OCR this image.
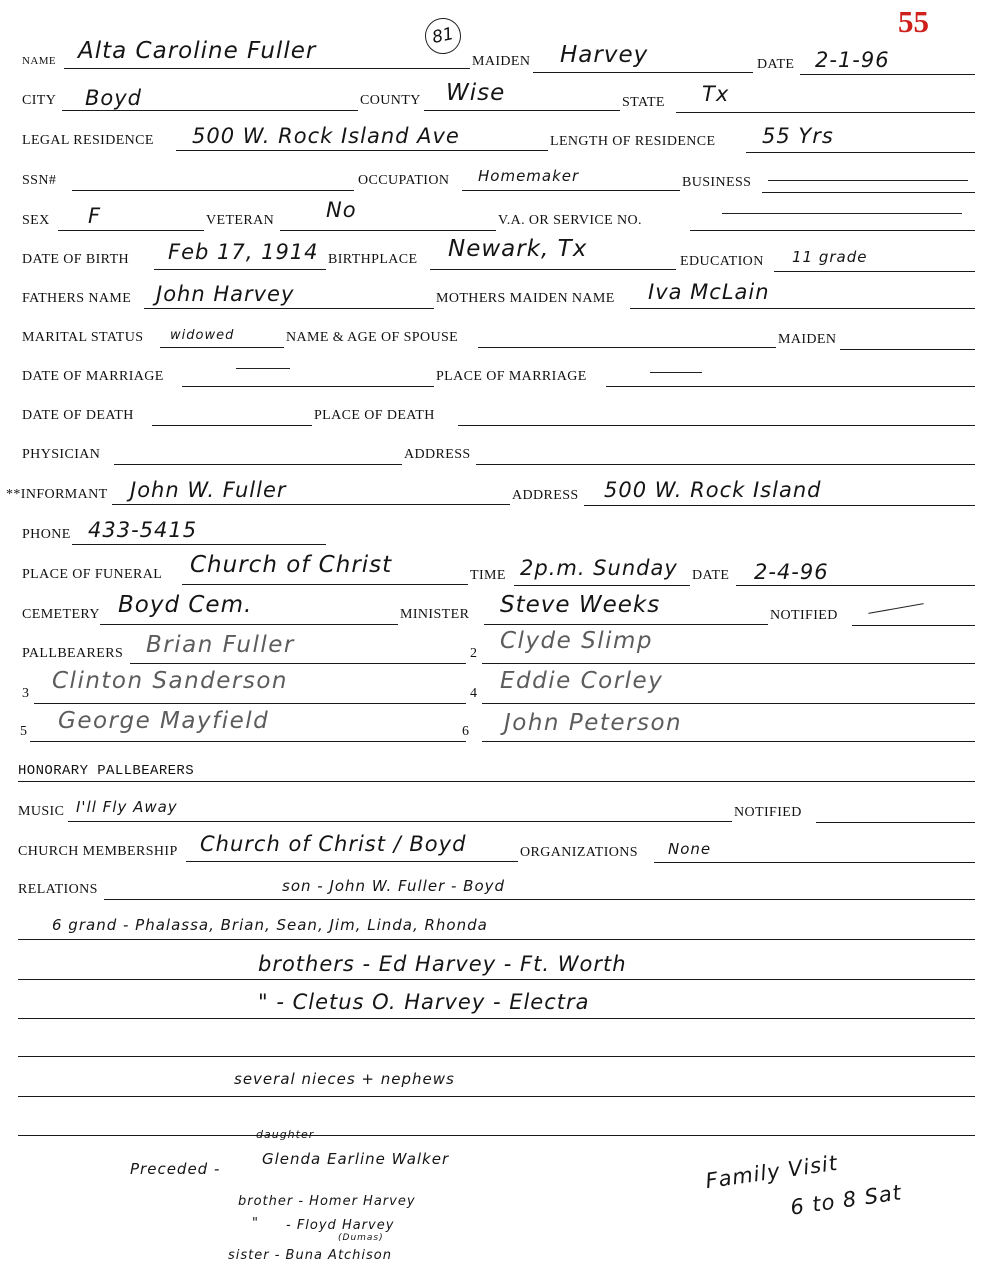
55
81
NAME Alta Caroline Fuller	MAIDEN Harvey	DATE 2-1-96
CITY Boyd	COUNTY Wise	STATE Tx
LEGAL RESIDENCE 500 W. Rock Island Ave	LENGTH OF RESIDENCE 55 Yrs
SSN#	OCCUPATION Homemaker	BUSINESS
SEX F	VETERAN No	V.A. OR SERVICE NO.
DATE OF BIRTH Feb 17, 1914 BIRTHPLACE Newark, Tx	EDUCATION 11 grade
FATHERS NAME John Harvey	MOTHERS MAIDEN NAME Iva McLain
MARITAL STATUS widowed	NAME & AGE OF SPOUSE	MAIDEN
DATE OF MARRIAGE	PLACE OF MARRIAGE
DATE OF DEATH	PLACE OF DEATH
PHYSICIAN	ADDRESS
**INFORMANT John W. Fuller	ADDRESS 500 W. Rock Island
PHONE 433-5415
PLACE OF FUNERAL Church of Christ	TIME 2p.m. Sunday DATE 2-4-96
CEMETERY Boyd Cem.	MINISTER Steve Weeks	NOTIFIED
PALLBEARERS Brian Fuller	2 Clyde Slimp
3 Clinton Sanderson	4 Eddie Corley
5 George Mayfield	6 John Peterson
HONORARY PALLBEARERS
MUSIC I'll Fly Away	NOTIFIED
CHURCH MEMBERSHIP Church of Christ / Boyd	ORGANIZATIONS None
RELATIONS	son - John W. Fuller - Boyd
6 grand - Phalassa, Brian, Sean, Jim, Linda, Rhonda
brothers - Ed Harvey - Ft. Worth
" - Cletus O. Harvey - Electra
several nieces + nephews
daughter
Preceded -
Glenda Earline Walker
brother - Homer Harvey
" - Floyd Harvey
(Dumas)
sister - Buna Atchison
Family Visit
6 to 8 Sat
